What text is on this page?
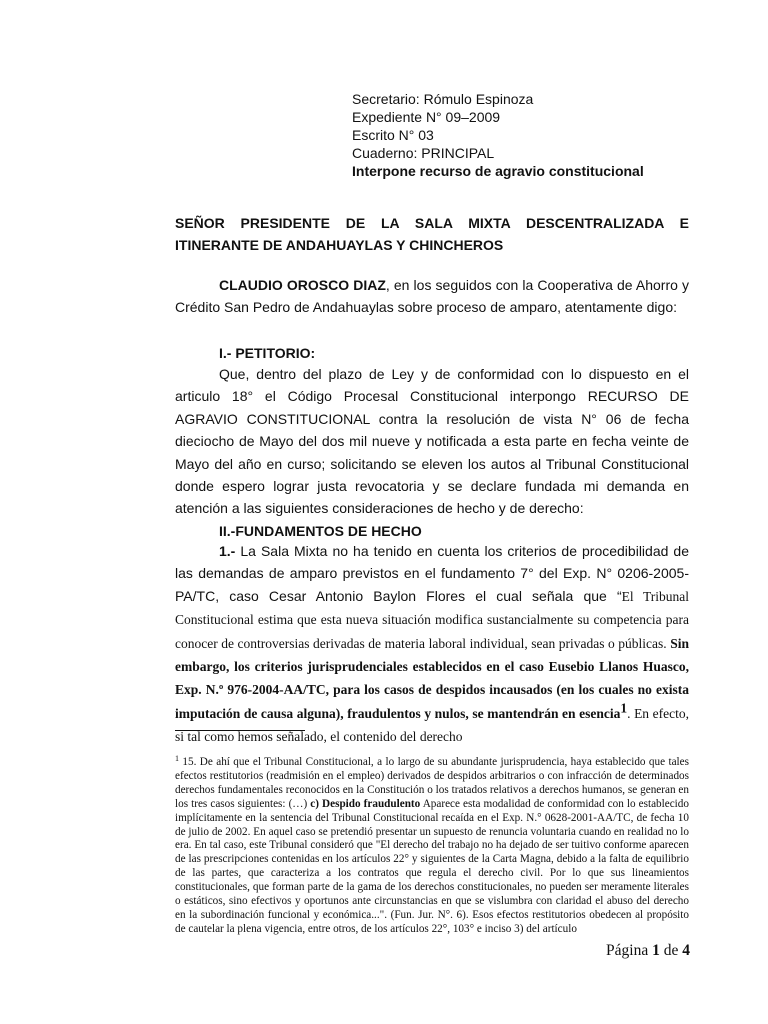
Secretario: Rómulo Espinoza
Expediente N° 09–2009
Escrito N° 03
Cuaderno: PRINCIPAL
Interpone recurso de agravio constitucional
SEÑOR PRESIDENTE DE LA SALA MIXTA DESCENTRALIZADA E ITINERANTE DE ANDAHUAYLAS Y CHINCHEROS
CLAUDIO OROSCO DIAZ, en los seguidos con la Cooperativa de Ahorro y Crédito San Pedro de Andahuaylas sobre proceso de amparo, atentamente digo:
I.- PETITORIO:
Que, dentro del plazo de Ley y de conformidad con lo dispuesto en el articulo 18° el Código Procesal Constitucional interpongo RECURSO DE AGRAVIO CONSTITUCIONAL contra la resolución de vista N° 06 de fecha dieciocho de Mayo del dos mil nueve y notificada a esta parte en fecha veinte de Mayo del año en curso; solicitando se eleven los autos al Tribunal Constitucional donde espero lograr justa revocatoria y se declare fundada mi demanda en atención a las siguientes consideraciones de hecho y de derecho:
II.-FUNDAMENTOS DE HECHO
1.- La Sala Mixta no ha tenido en cuenta los criterios de procedibilidad de las demandas de amparo previstos en el fundamento 7° del Exp. N° 0206-2005-PA/TC, caso Cesar Antonio Baylon Flores el cual señala que “El Tribunal Constitucional estima que esta nueva situación modifica sustancialmente su competencia para conocer de controversias derivadas de materia laboral individual, sean privadas o públicas. Sin embargo, los criterios jurisprudenciales establecidos en el caso Eusebio Llanos Huasco, Exp. N.º 976-2004-AA/TC, para los casos de despidos incausados (en los cuales no exista imputación de causa alguna), fraudulentos y nulos, se mantendrán en esencia$^1$. En efecto, si tal como hemos señalado, el contenido del derecho
$^1$ 15. De ahí que el Tribunal Constitucional, a lo largo de su abundante jurisprudencia, haya establecido que tales efectos restitutorios (readmisión en el empleo) derivados de despidos arbitrarios o con infracción de determinados derechos fundamentales reconocidos en la Constitución o los tratados relativos a derechos humanos, se generan en los tres casos siguientes: (…) c) Despido fraudulento Aparece esta modalidad de conformidad con lo establecido implícitamente en la sentencia del Tribunal Constitucional recaída en el Exp. N.° 0628-2001-AA/TC, de fecha 10 de julio de 2002. En aquel caso se pretendió presentar un supuesto de renuncia voluntaria cuando en realidad no lo era. En tal caso, este Tribunal consideró que "El derecho del trabajo no ha dejado de ser tuitivo conforme aparecen de las prescripciones contenidas en los artículos 22° y siguientes de la Carta Magna, debido a la falta de equilibrio de las partes, que caracteriza a los contratos que regula el derecho civil. Por lo que sus lineamientos constitucionales, que forman parte de la gama de los derechos constitucionales, no pueden ser meramente literales o estáticos, sino efectivos y oportunos ante circunstancias en que se vislumbra con claridad el abuso del derecho en la subordinación funcional y económica...". (Fun. Jur. N°. 6). Esos efectos restitutorios obedecen al propósito de cautelar la plena vigencia, entre otros, de los artículos 22°, 103° e inciso 3) del artículo
Página 1 de 4
